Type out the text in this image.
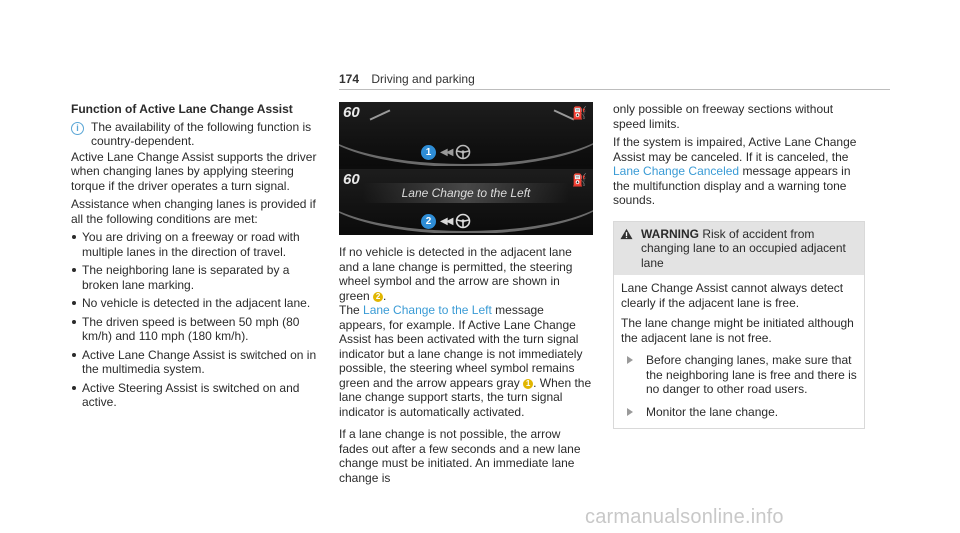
174 Driving and parking
Function of Active Lane Change Assist
i	The availability of the following function is country-dependent.

Active Lane Change Assist supports the driver when changing lanes by applying steering torque if the driver operates a turn signal.

Assistance when changing lanes is provided if all the following conditions are met:

You are driving on a freeway or road with multiple lanes in the direction of travel.
The neighboring lane is separated by a broken lane marking.
No vehicle is detected in the adjacent lane.
The driven speed is between 50 mph (80 km/h) and 110 mph (180 km/h).
Active Lane Change Assist is switched on in the multimedia system.
Active Steering Assist is switched on and active.
60	⛽
1 ◀◀
60	⛽
Lane Change to the Left
2 ◀◀

If no vehicle is detected in the adjacent lane and a lane change is permitted, the steering wheel symbol and the arrow are shown in green 2 .

The Lane Change to the Left message appears, for example. If Active Lane Change Assist has been activated with the turn signal indicator but a lane change is not immediately possible, the steering wheel symbol remains green and the arrow appears gray 1 . When the lane change support starts, the turn signal indicator is automatically activated.

If a lane change is not possible, the arrow fades out after a few seconds and a new lane change must be initiated. An immediate lane change is

only possible on freeway sections without speed limits.

If the system is impaired, Active Lane Change Assist may be canceled. If it is canceled, the Lane Change Canceled message appears in the multifunction display and a warning tone sounds.

WARNING Risk of accident from changing lane to an occupied adjacent lane

Lane Change Assist cannot always detect clearly if the adjacent lane is free.

The lane change might be initiated although the adjacent lane is not free.

Before changing lanes, make sure that the neighboring lane is free and there is no danger to other road users.
Monitor the lane change.
carmanualsonline.info
